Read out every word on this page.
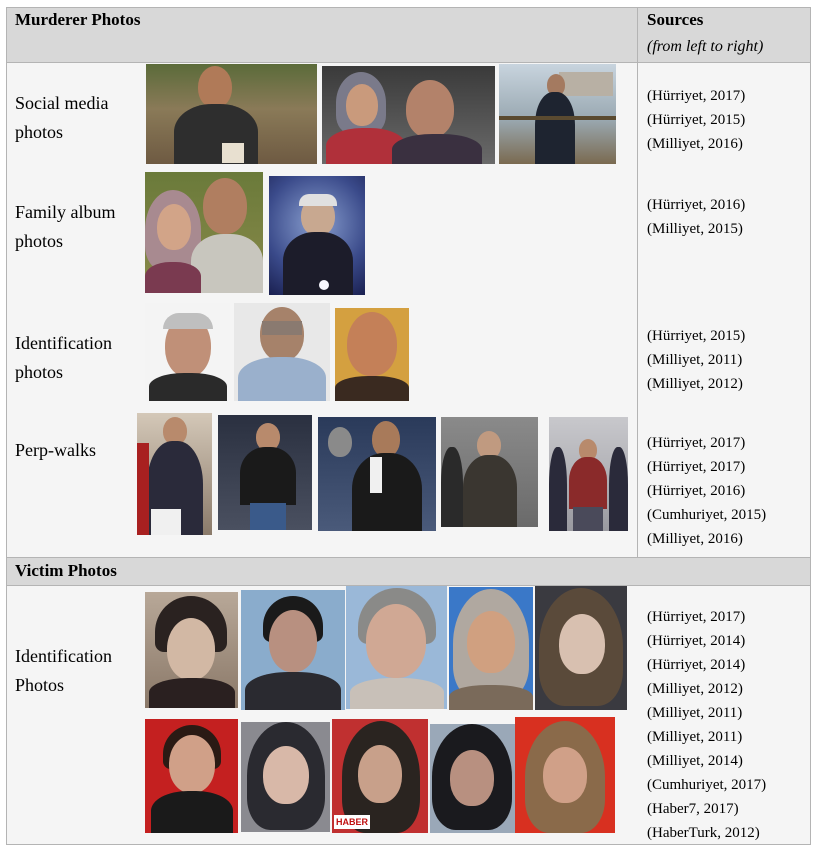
Murderer Photos	Sources
(from left to right)
Victim Photos
Social media photos
Family album photos
Identification photos
Perp-walks
Identification Photos
(Hürriyet, 2017)
(Hürriyet, 2015)
(Milliyet, 2016)
(Hürriyet, 2016)
(Milliyet, 2015)
(Hürriyet, 2015)
(Milliyet, 2011)
(Milliyet, 2012)
(Hürriyet, 2017)
(Hürriyet, 2017)
(Hürriyet, 2016)
(Cumhuriyet, 2015)
(Milliyet, 2016)
(Hürriyet, 2017)
(Hürriyet, 2014)
(Hürriyet, 2014)
(Milliyet, 2012)
(Milliyet, 2011)
(Milliyet, 2011)
(Milliyet, 2014)
(Cumhuriyet, 2017)
(Haber7, 2017)
(HaberTurk, 2012)
HABER
